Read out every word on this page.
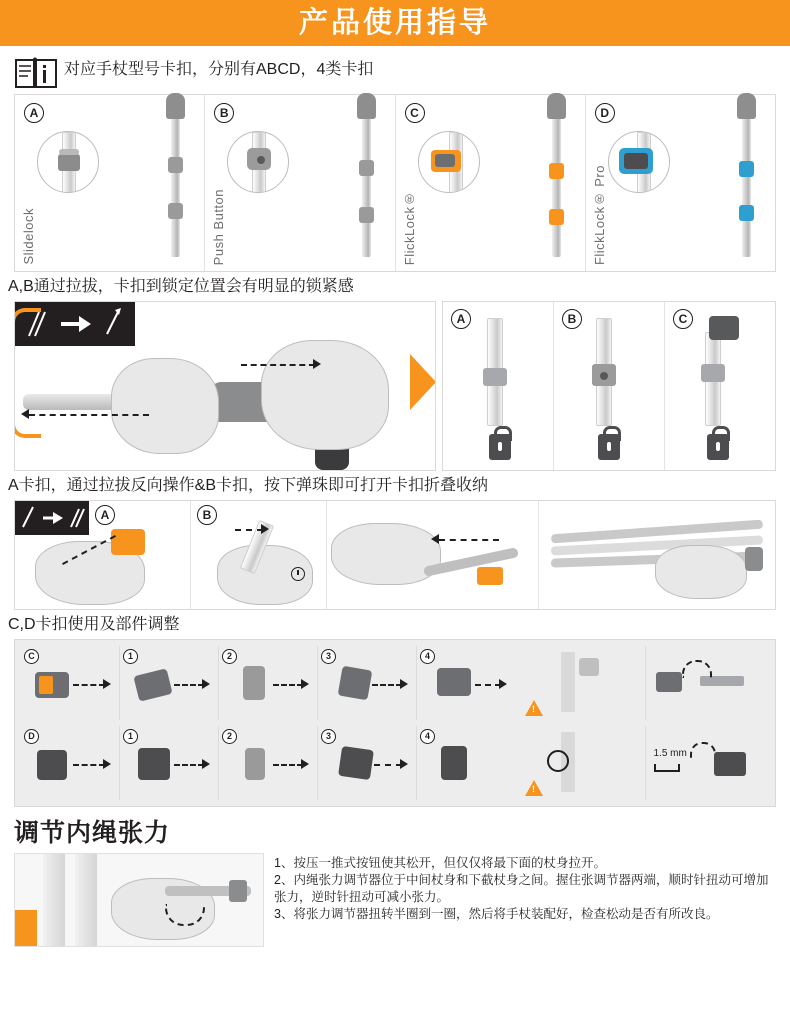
产品使用指导
对应手杖型号卡扣，分别有ABCD，4类卡扣
A
Slidelock
B
Push Button
C
FlickLock®
D
FlickLock® Pro
A,B通过拉拔，卡扣到锁定位置会有明显的锁紧感
A	B	C
A卡扣，通过拉拔反向操作&B卡扣，按下弹珠即可打开卡扣折叠收纳
A	B
C,D卡扣使用及部件调整
C	1	2	3	4
!
D	1	2	3	4
!
1.5 mm
调节内绳张力
1、按压一推式按钮使其松开，但仅仅将最下面的杖身拉开。
2、内绳张力调节器位于中间杖身和下截杖身之间。握住张调节器两端，顺时针扭动可增加张力，逆时针扭动可减小张力。
3、将张力调节器扭转半圈到一圈，然后将手杖装配好，检查松动是否有所改良。
